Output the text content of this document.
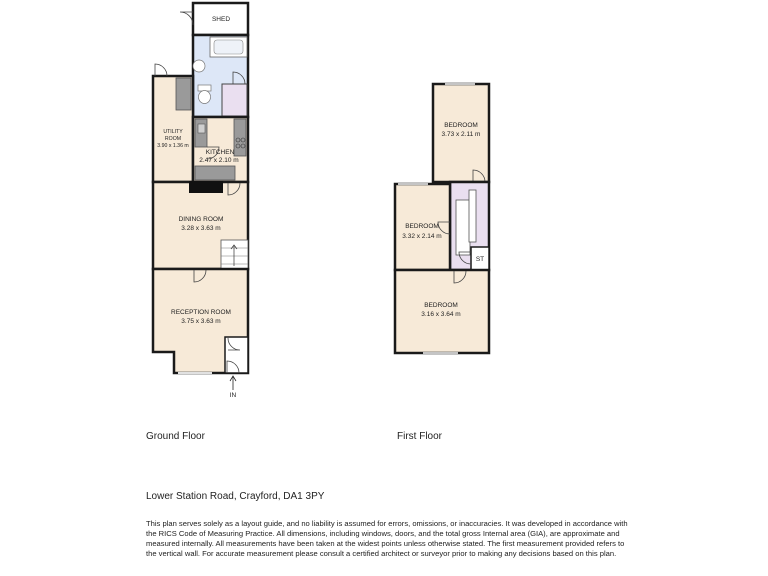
SHED
UTILITY
ROOM
3.90 x 1.36 m
KITCHEN
2.47 x 2.10 m
DINING ROOM
3.28 x 3.63 m
RECEPTION ROOM
3.75 x 3.63 m
IN
BEDROOM
3.73 x 2.11 m
BEDROOM
3.32 x 2.14 m
ST
BEDROOM
3.16 x 3.64 m
Ground Floor	First Floor
Lower Station Road, Crayford, DA1 3PY
This plan serves solely as a layout guide, and no liability is assumed for errors, omissions, or inaccuracies. It was developed in accordance with the RICS Code of Measuring Practice. All dimensions, including windows, doors, and the total gross Internal area (GIA), are approximate and measured internally. All measurements have been taken at the widest points unless otherwise stated. The first measurement provided refers to the vertical wall. For accurate measurement please consult a certified architect or surveyor prior to making any decisions based on this plan.
